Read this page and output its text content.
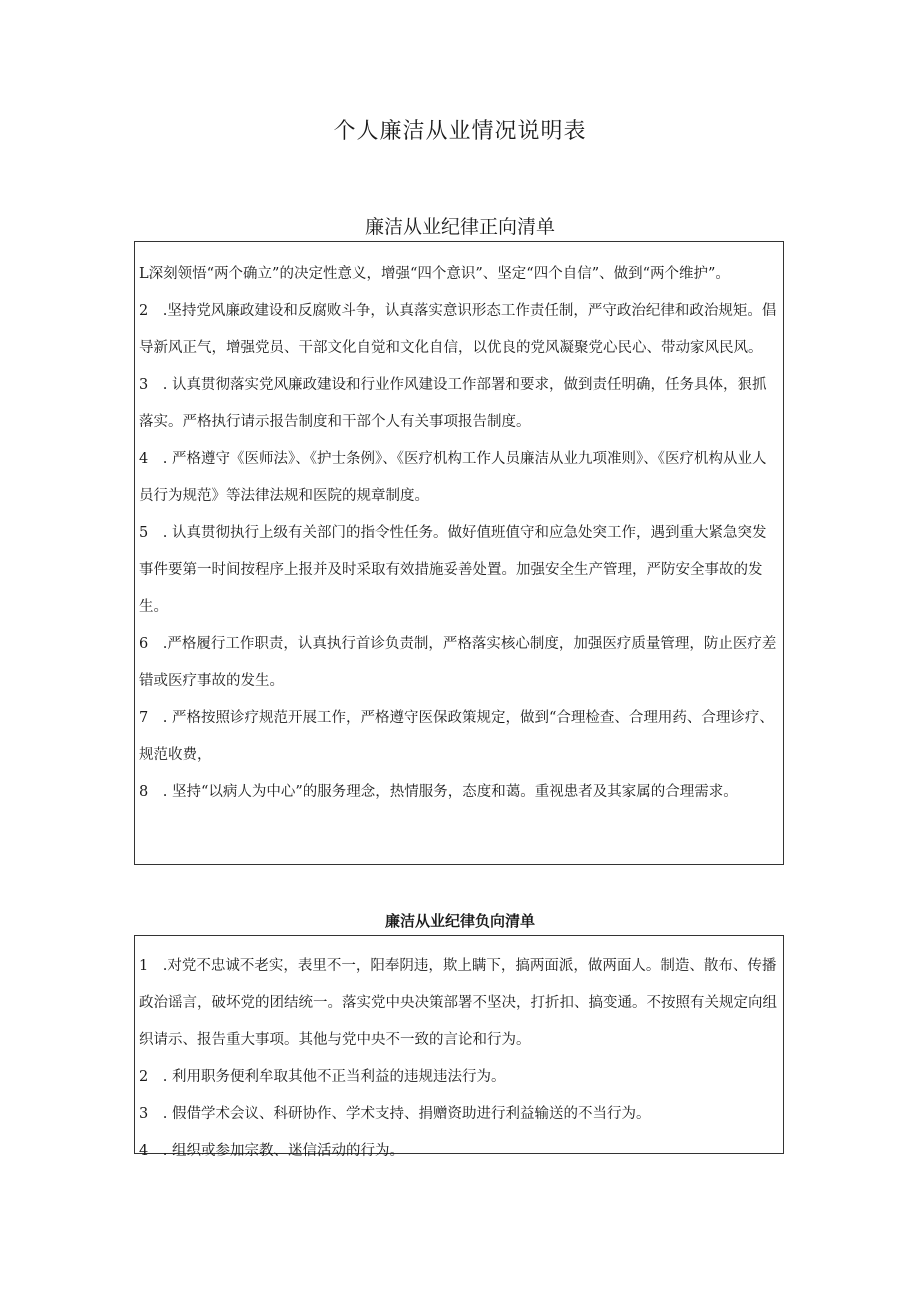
个人廉洁从业情况说明表
廉洁从业纪律正向清单

L深刻领悟“两个确立”的决定性意义，增强“四个意识”、坚定“四个自信”、做到“两个维护”。

2　.坚持党风廉政建设和反腐败斗争，认真落实意识形态工作责任制，严守政治纪律和政治规矩。倡导新风正气，增强党员、干部文化自觉和文化自信，以优良的党风凝聚党心民心、带动家风民风。

3　. 认真贯彻落实党风廉政建设和行业作风建设工作部署和要求，做到责任明确，任务具体，狠抓落实。严格执行请示报告制度和干部个人有关事项报告制度。

4　. 严格遵守《医师法》、《护士条例》、《医疗机构工作人员廉洁从业九项准则》、《医疗机构从业人员行为规范》等法律法规和医院的规章制度。

5　. 认真贯彻执行上级有关部门的指令性任务。做好值班值守和应急处突工作，遇到重大紧急突发事件要第一时间按程序上报并及时采取有效措施妥善处置。加强安全生产管理，严防安全事故的发生。

6　.严格履行工作职责，认真执行首诊负责制，严格落实核心制度，加强医疗质量管理，防止医疗差错或医疗事故的发生。

7　. 严格按照诊疗规范开展工作，严格遵守医保政策规定，做到“合理检查、合理用药、合理诊疗、规范收费，

8　. 坚持“以病人为中心”的服务理念，热情服务，态度和蔼。重视患者及其家属的合理需求。

廉洁从业纪律负向清单

1　.对党不忠诚不老实，表里不一，阳奉阴违，欺上瞒下，搞两面派，做两面人。制造、散布、传播政治谣言，破坏党的团结统一。落实党中央决策部署不坚决，打折扣、搞变通。不按照有关规定向组织请示、报告重大事项。其他与党中央不一致的言论和行为。

2　. 利用职务便利牟取其他不正当利益的违规违法行为。

3　. 假借学术会议、科研协作、学术支持、捐赠资助进行利益输送的不当行为。

4　. 组织或参加宗教、迷信活动的行为。
